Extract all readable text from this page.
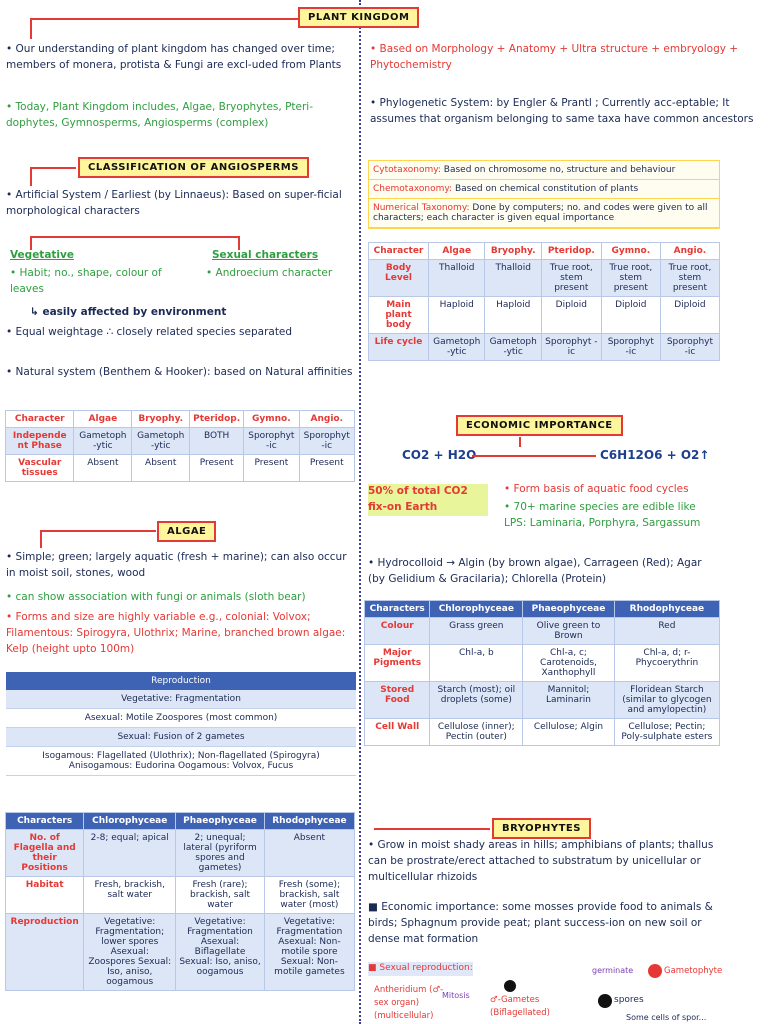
• Our understanding of plant kingdom has changed over time; members of monera, protista & Fungi are excl-uded from Plants
• Today, Plant Kingdom includes, Algae, Bryophytes, Pteri-dophytes, Gymnosperms, Angiosperms (complex)
CLASSIFICATION OF ANGIOSPERMS
• Artificial System / Earliest (by Linnaeus): Based on super-ficial morphological characters
Vegetative	Sexual characters
• Habit; no., shape, colour of leaves
• Androecium character
↳ easily affected by environment
• Equal weightage ∴ closely related species separated
• Natural system (Benthem & Hooker): based on Natural affinities
Character	Algae	Bryophy.	Pteridop.	Gymno.	Angio.
Independe nt Phase	Gametoph -ytic	Gametoph -ytic	BOTH	Sporophyt -ic	Sporophyt -ic
Vascular tissues	Absent	Absent	Present	Present	Present
ALGAE
• Simple; green; largely aquatic (fresh + marine); can also occur in moist soil, stones, wood
• can show association with fungi or animals (sloth bear)
• Forms and size are highly variable e.g., colonial: Volvox; Filamentous: Spirogyra, Ulothrix; Marine, branched brown algae: Kelp (height upto 100m)
Reproduction
Vegetative: Fragmentation
Asexual: Motile Zoospores (most common)
Sexual: Fusion of 2 gametes
Isogamous: Flagellated (Ulothrix); Non-flagellated (Spirogyra) Anisogamous: Eudorina Oogamous: Volvox, Fucus
Characters	Chlorophyceae	Phaeophyceae	Rhodophyceae
No. of Flagella and their Positions	2-8; equal; apical	2; unequal; lateral (pyriform spores and gametes)	Absent
Habitat	Fresh, brackish, salt water	Fresh (rare); brackish, salt water	Fresh (some); brackish, salt water (most)
Reproduction	Vegetative: Fragmentation; lower spores Asexual: Zoospores Sexual: Iso, aniso, oogamous	Vegetative: Fragmentation Asexual: Biflagellate Sexual: Iso, aniso, oogamous	Vegetative: Fragmentation Asexual: Non-motile spore Sexual: Non-motile gametes
PLANT KINGDOM
• Based on Morphology + Anatomy + Ultra structure + embryology + Phytochemistry
• Phylogenetic System: by Engler & Prantl ; Currently acc-eptable; It assumes that organism belonging to same taxa have common ancestors
Cytotaxonomy: Based on chromosome no, structure and behaviour
Chemotaxonomy: Based on chemical constitution of plants
Numerical Taxonomy: Done by computers; no. and codes were given to all characters; each character is given equal importance
Character	Algae	Bryophy.	Pteridop.	Gymno.	Angio.
Body Level	Thalloid	Thalloid	True root, stem present	True root, stem present	True root, stem present
Main plant body	Haploid	Haploid	Diploid	Diploid	Diploid
Life cycle	Gametoph -ytic	Gametoph -ytic	Sporophyt -ic	Sporophyt -ic	Sporophyt -ic
ECONOMIC IMPORTANCE
CO2 + H2O	C6H12O6 + O2↑
50% of total CO2 fix-on Earth
• Form basis of aquatic food cycles
• 70+ marine species are edible like LPS: Laminaria, Porphyra, Sargassum
• Hydrocolloid → Algin (by brown algae), Carrageen (Red); Agar (by Gelidium & Gracilaria); Chlorella (Protein)
Characters	Chlorophyceae	Phaeophyceae	Rhodophyceae
Colour	Grass green	Olive green to Brown	Red
Major Pigments	Chl-a, b	Chl-a, c; Carotenoids, Xanthophyll	Chl-a, d; r-Phycoerythrin
Stored Food	Starch (most); oil droplets (some)	Mannitol; Laminarin	Floridean Starch (similar to glycogen and amylopectin)
Cell Wall	Cellulose (inner); Pectin (outer)	Cellulose; Algin	Cellulose; Pectin; Poly-sulphate esters
BRYOPHYTES
• Grow in moist shady areas in hills; amphibians of plants; thallus can be prostrate/erect attached to substratum by unicellular or multicellular rhizoids
■ Economic importance: some mosses provide food to animals & birds; Sphagnum provide peat; plant success-ion on new soil or dense mat formation
■ Sexual reproduction:
Antheridium (♂-sex organ) (multicellular)
Mitosis ♂-Gametes (Biflagellated)
germinate	Gametophyte
spores
Some cells of spor...
